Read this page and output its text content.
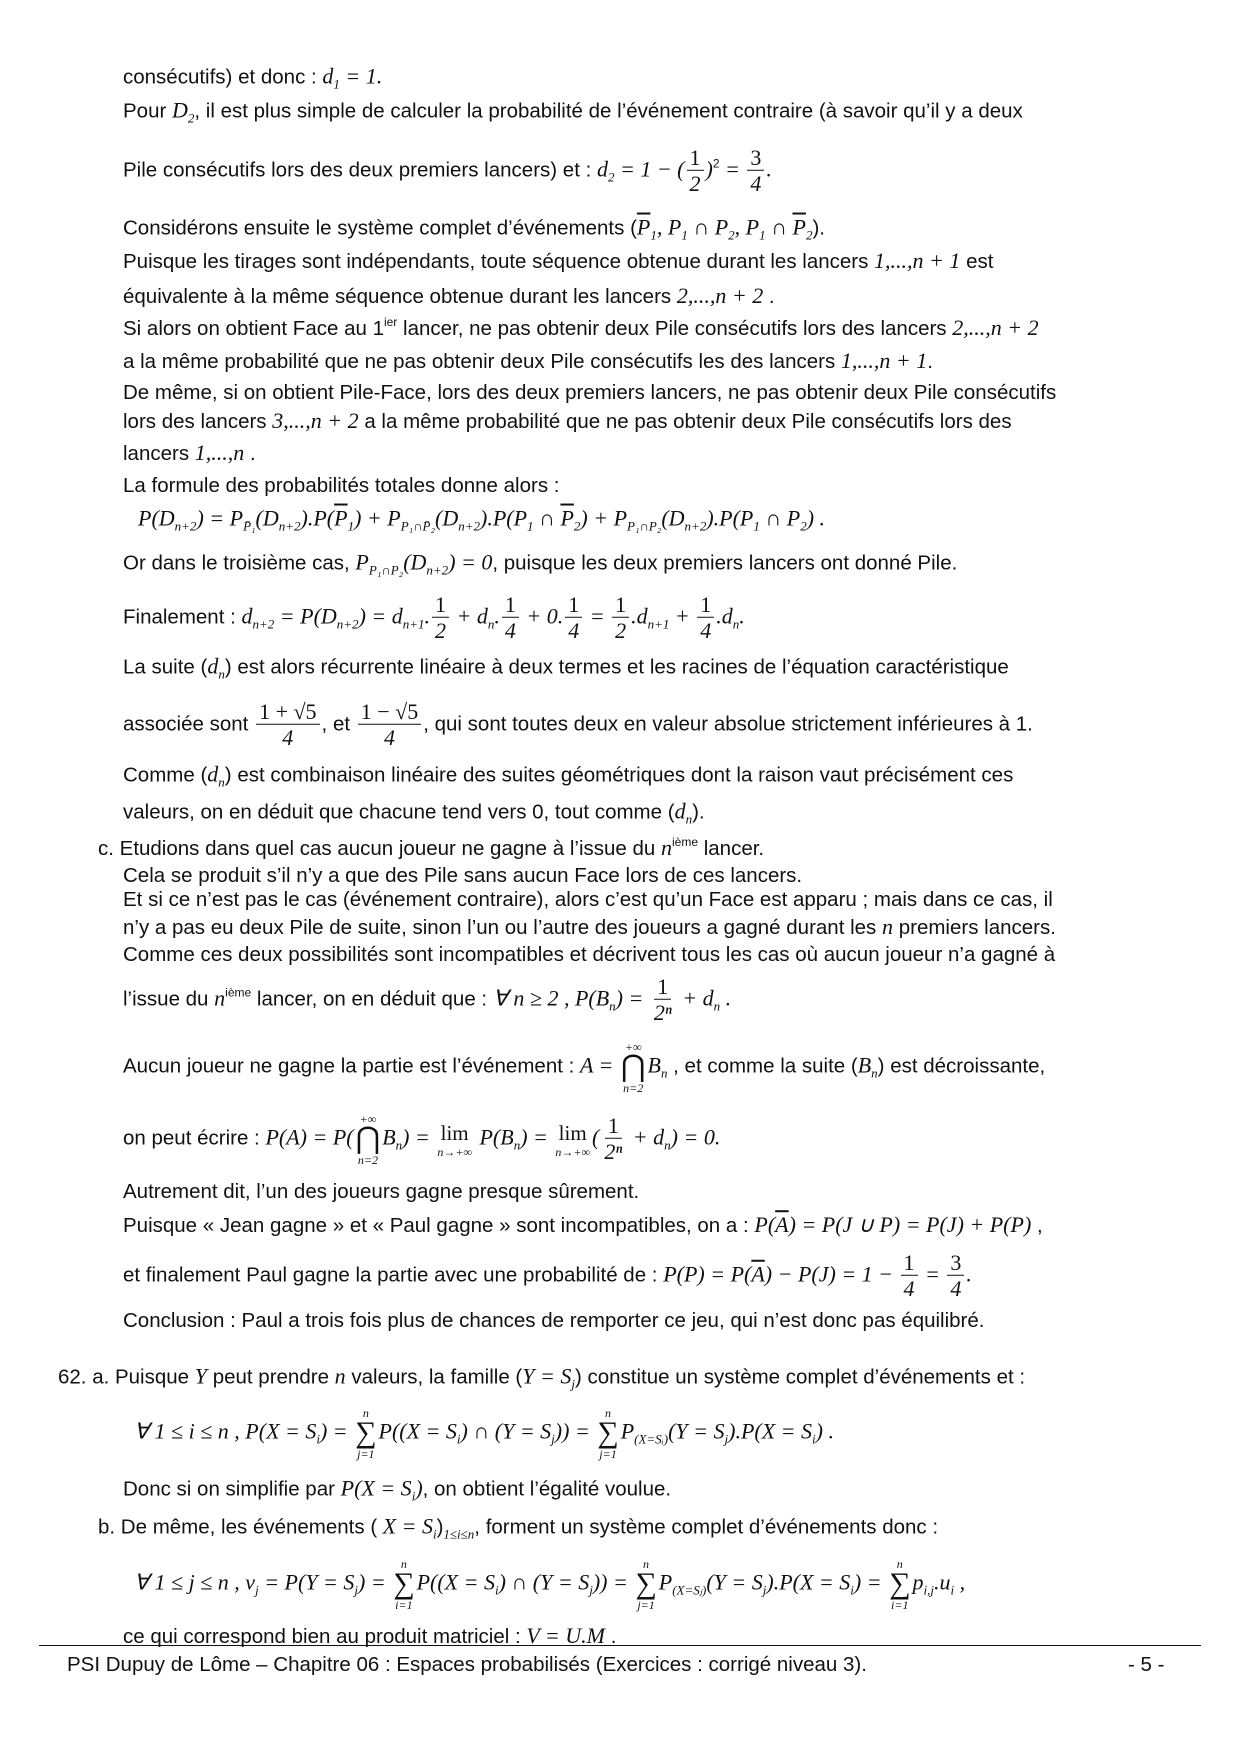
consécutifs) et donc : $d_1 = 1$.
Pour $D_2$, il est plus simple de calculer la probabilité de l’événement contraire (à savoir qu’il y a deux
Pile consécutifs lors des deux premiers lancers) et : $d_2 = 1$ − ( $\frac{1}{2} )^2 = \frac{3}{4}$ .
Considérons ensuite le système complet d’événements ($\overline{P}_1$, $P_1$ ∩ $P_2$, $P_1$ ∩ $\overline{P}_2$).
Puisque les tirages sont indépendants, toute séquence obtenue durant les lancers 1,...,n + 1 est
équivalente à la même séquence obtenue durant les lancers 2,...,n + 2 .
Si alors on obtient Face au $1^{ier}$ lancer, ne pas obtenir deux Pile consécutifs lors des lancers 2,...,n + 2
a la même probabilité que ne pas obtenir deux Pile consécutifs les des lancers 1,...,n + 1.
De même, si on obtient Pile-Face, lors des deux premiers lancers, ne pas obtenir deux Pile consécutifs
lors des lancers 3,...,n + 2 a la même probabilité que ne pas obtenir deux Pile consécutifs lors des
lancers 1,...,n .
La formule des probabilités totales donne alors :
$P(D_{n+2}) = P_{P̄_1}(D_{n+2}).P(\overline{P}_1) + P_{P_1\cap P̄_2}(D_{n+2}).P(P_1$ ∩ $\overline{P}_2) + P_{P_1\cap P_2}(D_{n+2}).P(P_1$ ∩ $P_2$) .
Or dans le troisième cas, $P_{P_1\cap P_2}(D_{n+2}) = 0$, puisque les deux premiers lancers ont donné Pile.
Finalement : $d_{n+2} = P(D_{n+2}) = d_{n+1}$. $\frac{1}{2} + d_n$. $\frac{1}{4} + 0$. $\frac{1}{4} = \frac{1}{2} .d_{n+1} + \frac{1}{4} .d_n$.
La suite $(d_n)$ est alors récurrente linéaire à deux termes et les racines de l’équation caractéristique
associée sont $\frac{1 + √5}{4}$ , et $\frac{1 - √5}{4}$ , qui sont toutes deux en valeur absolue strictement inférieures à 1.
Comme $(d_n)$ est combinaison linéaire des suites géométriques dont la raison vaut précisément ces
valeurs, on en déduit que chacune tend vers 0, tout comme $(d_n)$.
c. Etudions dans quel cas aucun joueur ne gagne à l’issue du $n^{ième}$ lancer.
Cela se produit s’il n’y a que des Pile sans aucun Face lors de ces lancers.
Et si ce n’est pas le cas (événement contraire), alors c’est qu’un Face est apparu ; mais dans ce cas, il
n’y a pas eu deux Pile de suite, sinon l’un ou l’autre des joueurs a gagné durant les n premiers lancers.
Comme ces deux possibilités sont incompatibles et décrivent tous les cas où aucun joueur n’a gagné à
l’issue du $n^{ième}$ lancer, on en déduit que : ∀ n ≥ 2 , $P(B_n) = \frac{1}{\text{2ⁿ}} + d_n$ .
Aucun joueur ne gagne la partie est l’événement : A =
+∞
⋂
n=2
$B_n$ , et comme la suite $(B_n)$ est décroissante,
on peut écrire : P(A) = P(
+∞
⋂
n=2
$B_n) = \lim$
n→+∞
$P(B_n) = \lim$
n→+∞
( $\frac{1}{\text{2ⁿ}} + d_n) = 0$.
Autrement dit, l’un des joueurs gagne presque sûrement.
Puisque « Jean gagne » et « Paul gagne » sont incompatibles, on a : $P(\overline{A}) = P(J$ ∪ P) = P(J) + P(P) ,
et finalement Paul gagne la partie avec une probabilité de : $P(P) = P(\overline{A}) - P(J) = 1 - \frac{1}{4} = \frac{3}{4}$ .
Conclusion : Paul a trois fois plus de chances de remporter ce jeu, qui n’est donc pas équilibré.
62. a. Puisque Y peut prendre n valeurs, la famille $(Y = S_j)$ constitue un système complet d’événements et :
∀ 1 ≤ i ≤ n , $P(X = S_i)$ =
n
∑
j=1
$P((X = S_i)$ ∩ $(Y = S_j)$) =
n
∑
j=1
$P_{(X=Sᵢ)}(Y = S_j).P(X = S_i)$ .
Donc si on simplifie par $P(X = S_i)$, on obtient l’égalité voulue.
b. De même, les événements ( $X = S_i)_{1\le i\le n}$, forment un système complet d’événements donc :
∀ 1 ≤ j ≤ n , $v_j = P(Y = S_j)$ =
n
∑
i=1
$P((X = S_i)$ ∩ $(Y = S_j)$) =
n
∑
j=1
$P_{(X=Sⱼ)}(Y = S_j).P(X = S_i)$ =
n
∑
i=1
$p_{i,j}.u_i$ ,
ce qui correspond bien au produit matriciel : V = U.M .
PSI Dupuy de Lôme – Chapitre 06 : Espaces probabilisés (Exercices : corrigé niveau 3).	- 5 -
